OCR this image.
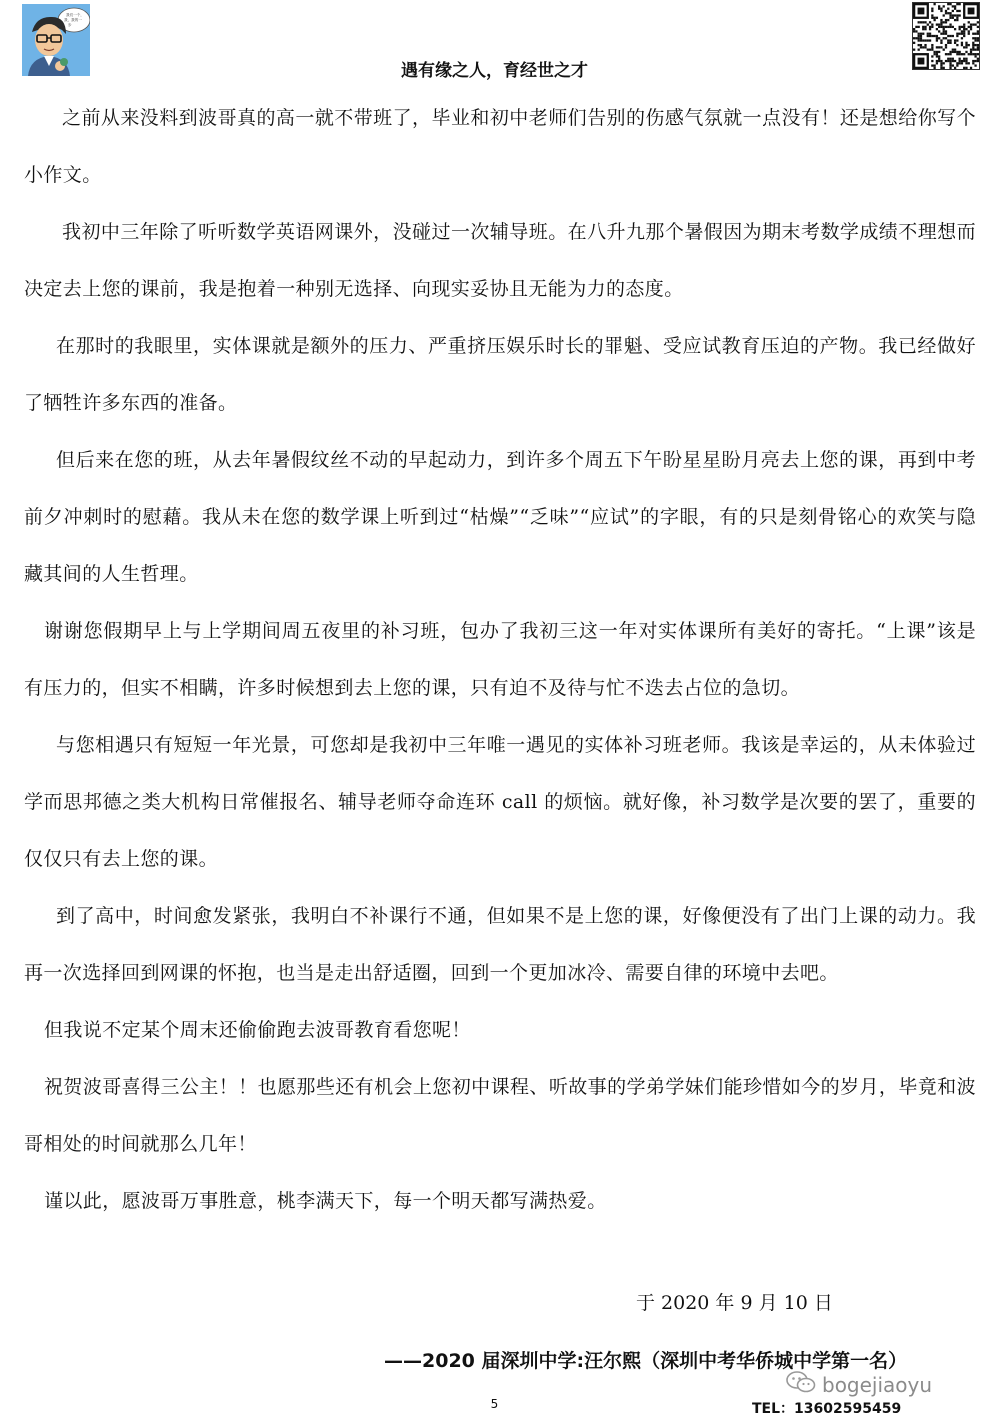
我们一个，
我，我的一
步
遇有缘之人，育经世之才

之前从来没料到波哥真的高一就不带班了，毕业和初中老师们告别的伤感气氛就一点没有！还是想给你写个小作文。

我初中三年除了听听数学英语网课外，没碰过一次辅导班。在八升九那个暑假因为期末考数学成绩不理想而决定去上您的课前，我是抱着一种别无选择、向现实妥协且无能为力的态度。

在那时的我眼里，实体课就是额外的压力、严重挤压娱乐时长的罪魁、受应试教育压迫的产物。我已经做好了牺牲许多东西的准备。

但后来在您的班，从去年暑假纹丝不动的早起动力，到许多个周五下午盼星星盼月亮去上您的课，再到中考前夕冲刺时的慰藉。我从未在您的数学课上听到过“枯燥”“乏味”“应试”的字眼，有的只是刻骨铭心的欢笑与隐藏其间的人生哲理。

谢谢您假期早上与上学期间周五夜里的补习班，包办了我初三这一年对实体课所有美好的寄托。“上课”该是有压力的，但实不相瞒，许多时候想到去上您的课，只有迫不及待与忙不迭去占位的急切。

与您相遇只有短短一年光景，可您却是我初中三年唯一遇见的实体补习班老师。我该是幸运的，从未体验过学而思邦德之类大机构日常催报名、辅导老师夺命连环 call 的烦恼。就好像，补习数学是次要的罢了，重要的仅仅只有去上您的课。

到了高中，时间愈发紧张，我明白不补课行不通，但如果不是上您的课，好像便没有了出门上课的动力。我再一次选择回到网课的怀抱，也当是走出舒适圈，回到一个更加冰冷、需要自律的环境中去吧。

但我说不定某个周末还偷偷跑去波哥教育看您呢！

祝贺波哥喜得三公主！！也愿那些还有机会上您初中课程、听故事的学弟学妹们能珍惜如今的岁月，毕竟和波哥相处的时间就那么几年！

谨以此，愿波哥万事胜意，桃李满天下，每一个明天都写满热爱。

于 2020 年 9 月 10 日
——2020 届深圳中学:汪尔熙（深圳中考华侨城中学第一名）
bogejiaoyu
5	TEL：13602595459
